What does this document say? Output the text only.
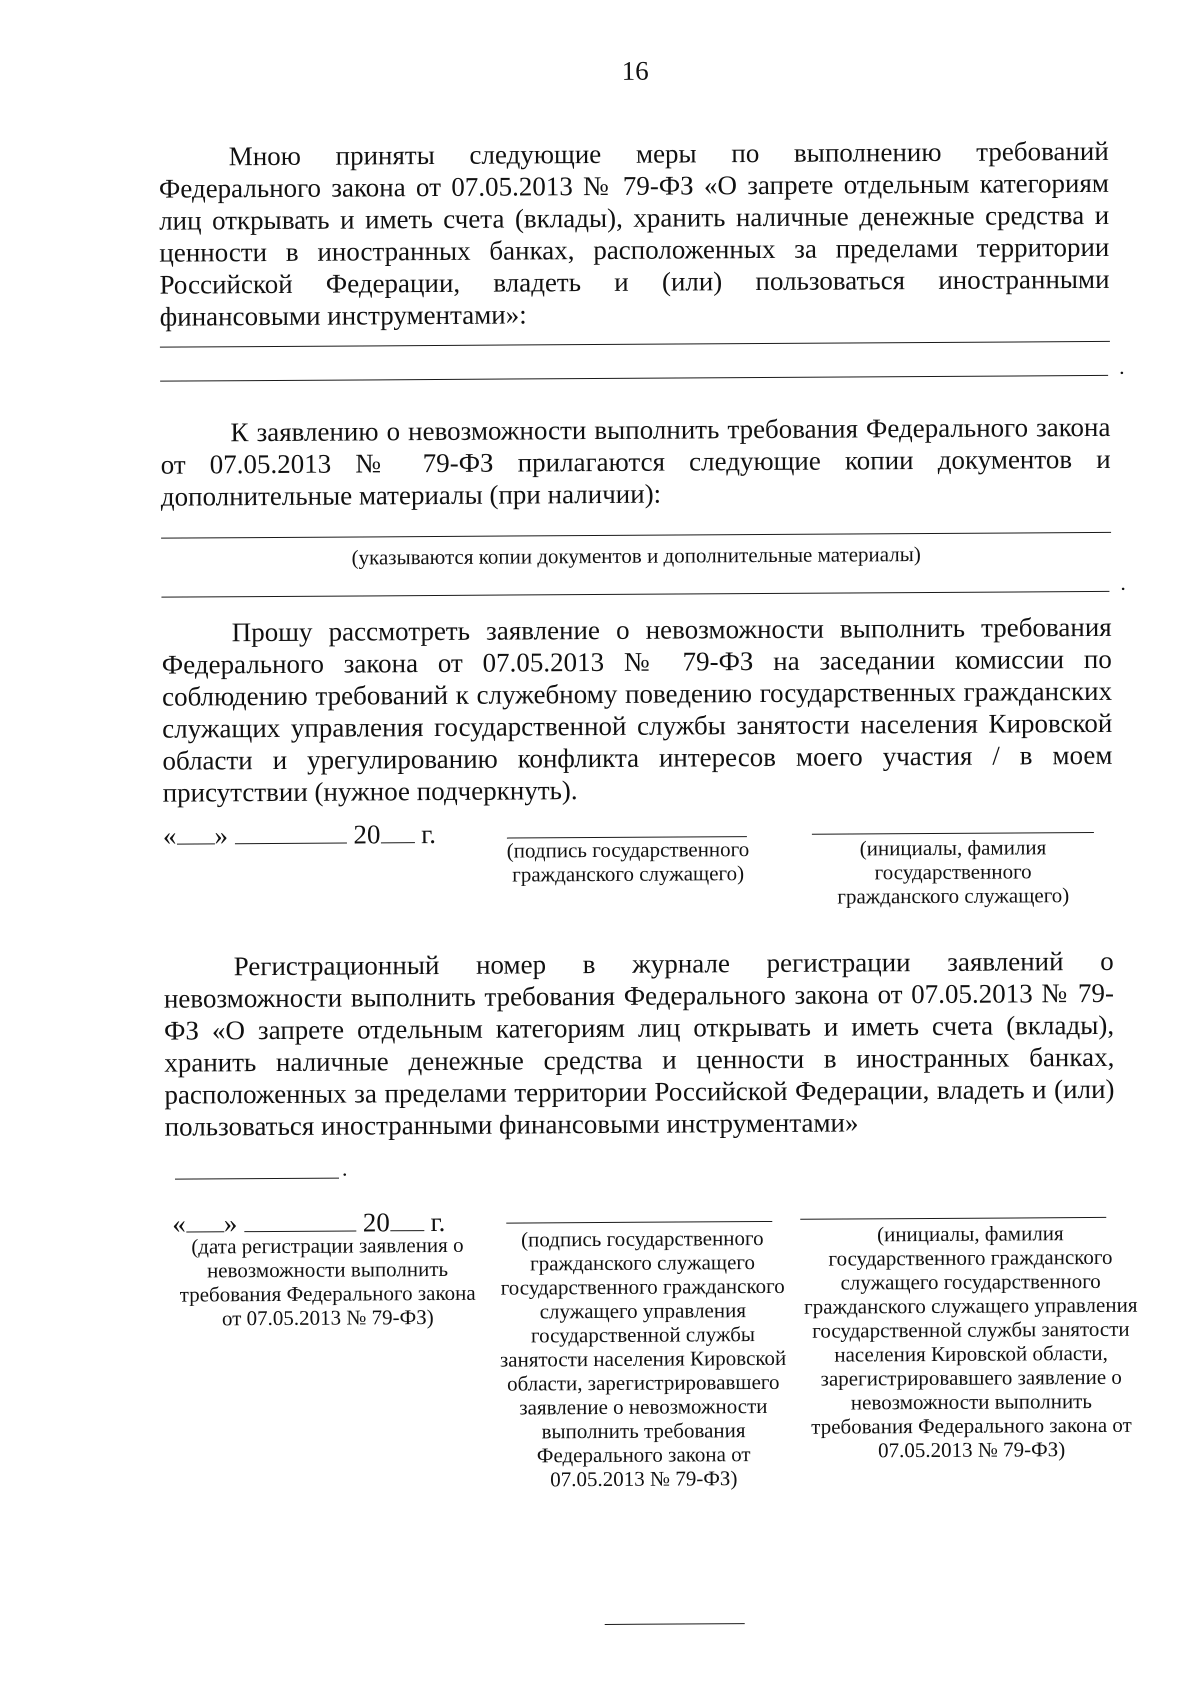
16
Мною приняты следующие меры по выполнению требований Федерального закона от 07.05.2013 № 79-ФЗ «О запрете отдельным категориям лиц открывать и иметь счета (вклады), хранить наличные денежные средства и ценности в иностранных банках, расположенных за пределами территории Российской Федерации, владеть и (или) пользоваться иностранными финансовыми инструментами»:
.
К заявлению о невозможности выполнить требования Федерального закона от 07.05.2013 № 79-ФЗ прилагаются следующие копии документов и дополнительные материалы (при наличии):
(указываются копии документов и дополнительные материалы)
.
Прошу рассмотреть заявление о невозможности выполнить требования Федерального закона от 07.05.2013 № 79-ФЗ на заседании комиссии по соблюдению требований к служебному поведению государственных гражданских служащих управления государственной службы занятости населения Кировской области и урегулированию конфликта интересов моего участия / в моем присутствии (нужное подчеркнуть).
« »	20 г.
(подпись государственного гражданского служащего)
(инициалы, фамилия государственного гражданского служащего)
Регистрационный номер в журнале регистрации заявлений о невозможности выполнить требования Федерального закона от 07.05.2013 № 79-ФЗ «О запрете отдельным категориям лиц открывать и иметь счета (вклады), хранить наличные денежные средства и ценности в иностранных банках, расположенных за пределами территории Российской Федерации, владеть и (или) пользоваться иностранными финансовыми инструментами»
.
« »	20 г.
(дата регистрации заявления о невозможности выполнить требования Федерального закона от 07.05.2013 № 79-ФЗ)
(подпись государственного гражданского служащего государственного гражданского служащего управления государственной службы занятости населения Кировской области, зарегистрировавшего заявление о невозможности выполнить требования Федерального закона от 07.05.2013 № 79-ФЗ)
(инициалы, фамилия государственного гражданского служащего государственного гражданского служащего управления государственной службы занятости населения Кировской области, зарегистрировавшего заявление о невозможности выполнить требования Федерального закона от 07.05.2013 № 79-ФЗ)
